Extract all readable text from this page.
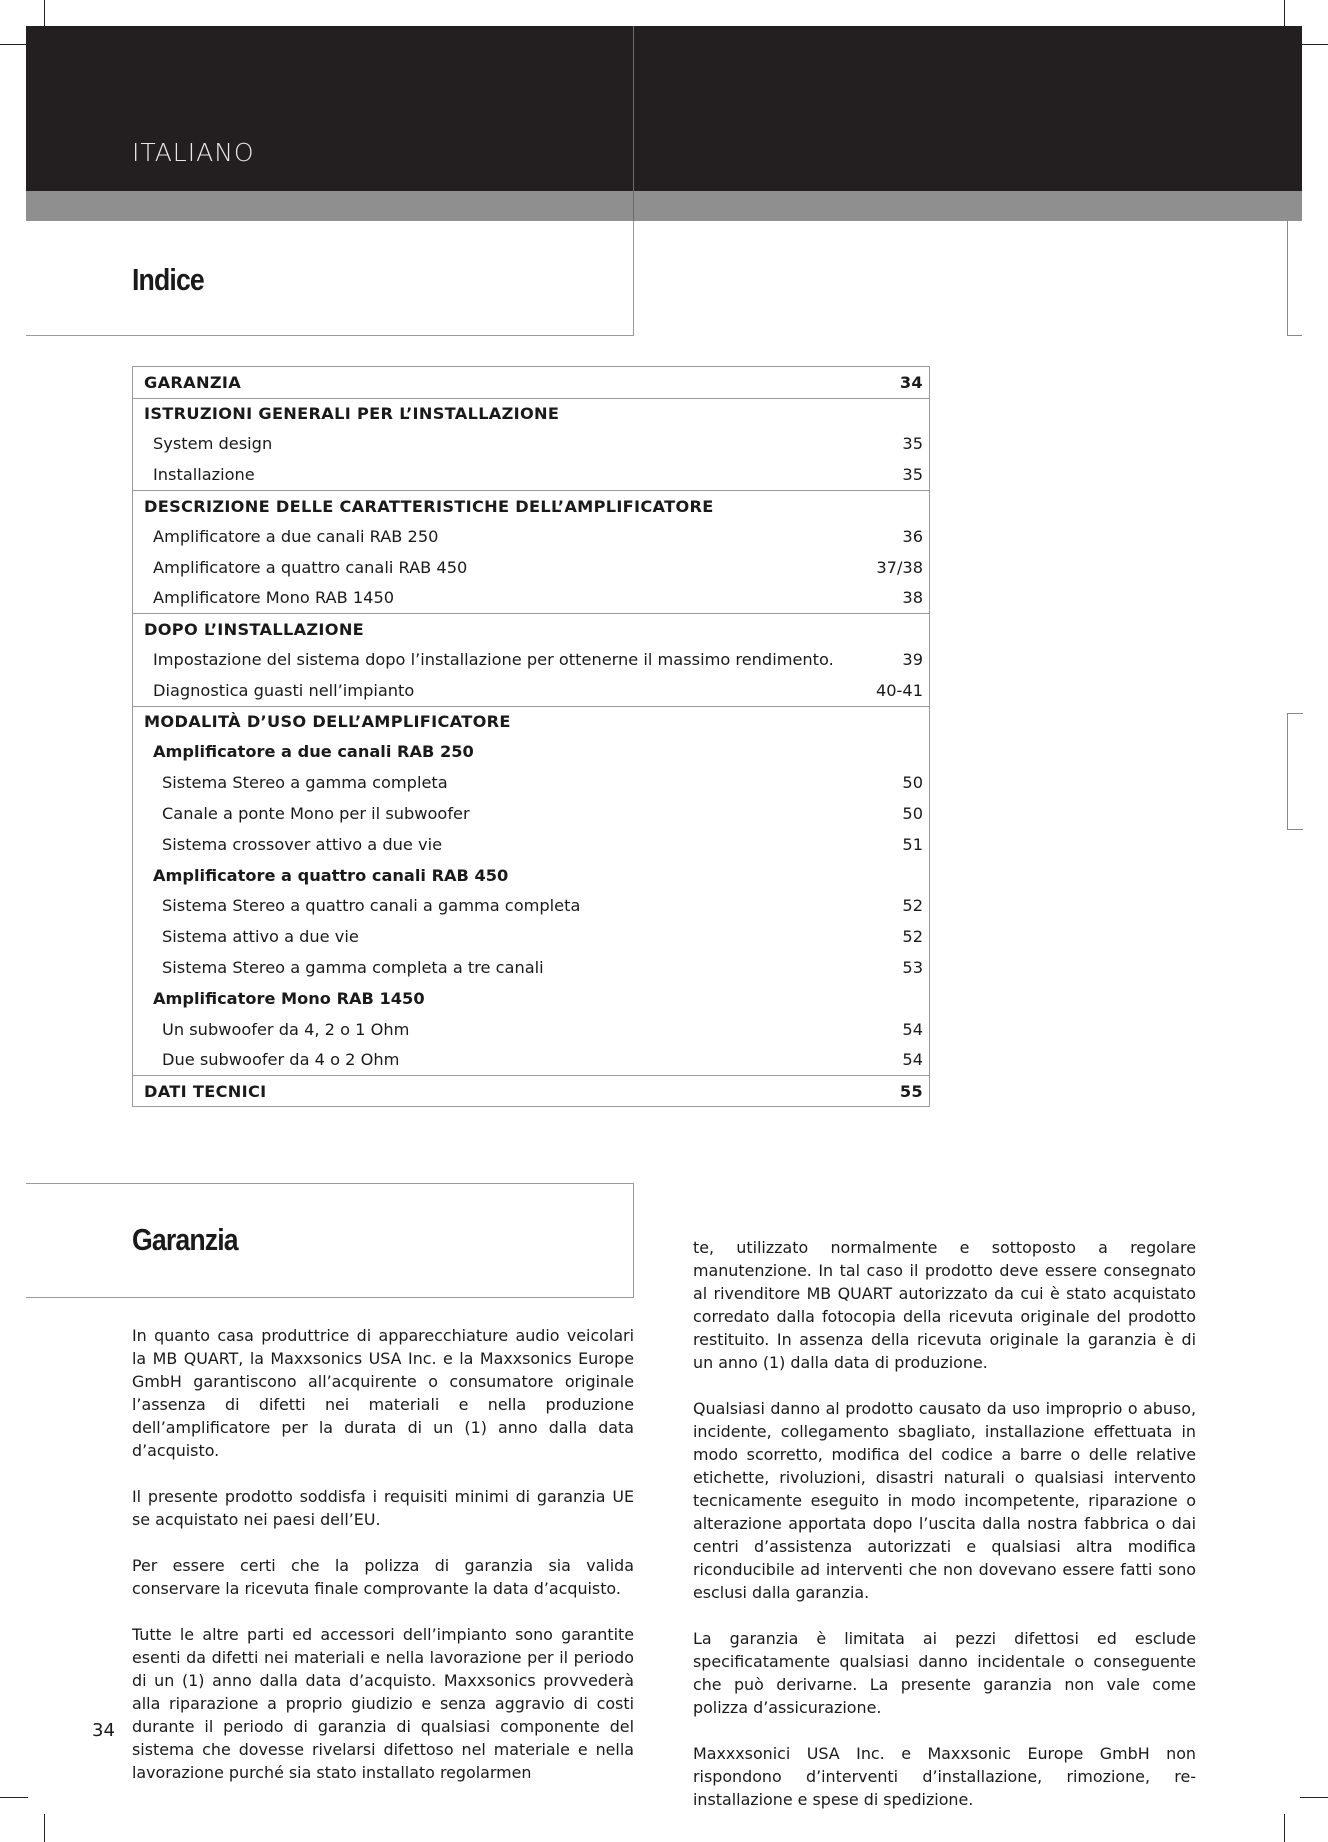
ITALIANO
Indice
GARANZIA	34
ISTRUZIONI GENERALI PER L’INSTALLAZIONE
System design	35
Installazione	35
DESCRIZIONE DELLE CARATTERISTICHE DELL’AMPLIFICATORE
Amplificatore a due canali RAB 250	36
Amplificatore a quattro canali RAB 450	37/38
Amplificatore Mono RAB 1450	38
DOPO L’INSTALLAZIONE
Impostazione del sistema dopo l’installazione per ottenerne il massimo rendimento.	39
Diagnostica guasti nell’impianto	40-41
MODALITÀ D’USO DELL’AMPLIFICATORE
Amplificatore a due canali RAB 250
Sistema Stereo a gamma completa	50
Canale a ponte Mono per il subwoofer	50
Sistema crossover attivo a due vie	51
Amplificatore a quattro canali RAB 450
Sistema Stereo a quattro canali a gamma completa	52
Sistema attivo a due vie	52
Sistema Stereo a gamma completa a tre canali	53
Amplificatore Mono RAB 1450
Un subwoofer da 4, 2 o 1 Ohm	54
Due subwoofer da 4 o 2 Ohm	54
DATI TECNICI	55
Garanzia

In quanto casa produttrice di apparecchiature audio veicolari la MB QUART, la Maxxsonics USA Inc. e la Maxxsonics Europe GmbH garantiscono all’acquirente o consumatore originale l’assenza di difetti nei materiali e nella produzione dell’amplificatore per la durata di un (1) anno dalla data d’acquisto.

Il presente prodotto soddisfa i requisiti minimi di garanzia UE se acquistato nei paesi dell’EU.

Per essere certi che la polizza di garanzia sia valida conservare la ricevuta finale comprovante la data d’acquisto.

Tutte le altre parti ed accessori dell’impianto sono garantite esenti da difetti nei materiali e nella lavorazione per il periodo di un (1) anno dalla data d’acquisto. Maxxsonics provvederà alla riparazione a proprio giudizio e senza aggravio di costi durante il periodo di garanzia di qualsiasi componente del sistema che dovesse rivelarsi difettoso nel materiale e nella lavorazione purché sia stato installato regolarmen

te, utilizzato normalmente e sottoposto a regolare manutenzione. In tal caso il prodotto deve essere consegnato al rivenditore MB QUART autorizzato da cui è stato acquistato corredato dalla fotocopia della ricevuta originale del prodotto restituito. In assenza della ricevuta originale la garanzia è di un anno (1) dalla data di produzione.

Qualsiasi danno al prodotto causato da uso improprio o abuso, incidente, collegamento sbagliato, installazione effettuata in modo scorretto, modifica del codice a barre o delle relative etichette, rivoluzioni, disastri naturali o qualsiasi intervento tecnicamente eseguito in modo incompetente, riparazione o alterazione apportata dopo l’uscita dalla nostra fabbrica o dai centri d’assistenza autorizzati e qualsiasi altra modifica riconducibile ad interventi che non dovevano essere fatti sono esclusi dalla garanzia.

La garanzia è limitata ai pezzi difettosi ed esclude specificatamente qualsiasi danno incidentale o conseguente che può derivarne. La presente garanzia non vale come polizza d’assicurazione.

Maxxxsonici USA Inc. e Maxxsonic Europe GmbH non rispondono d’interventi d’installazione, rimozione, re-installazione e spese di spedizione.

34
